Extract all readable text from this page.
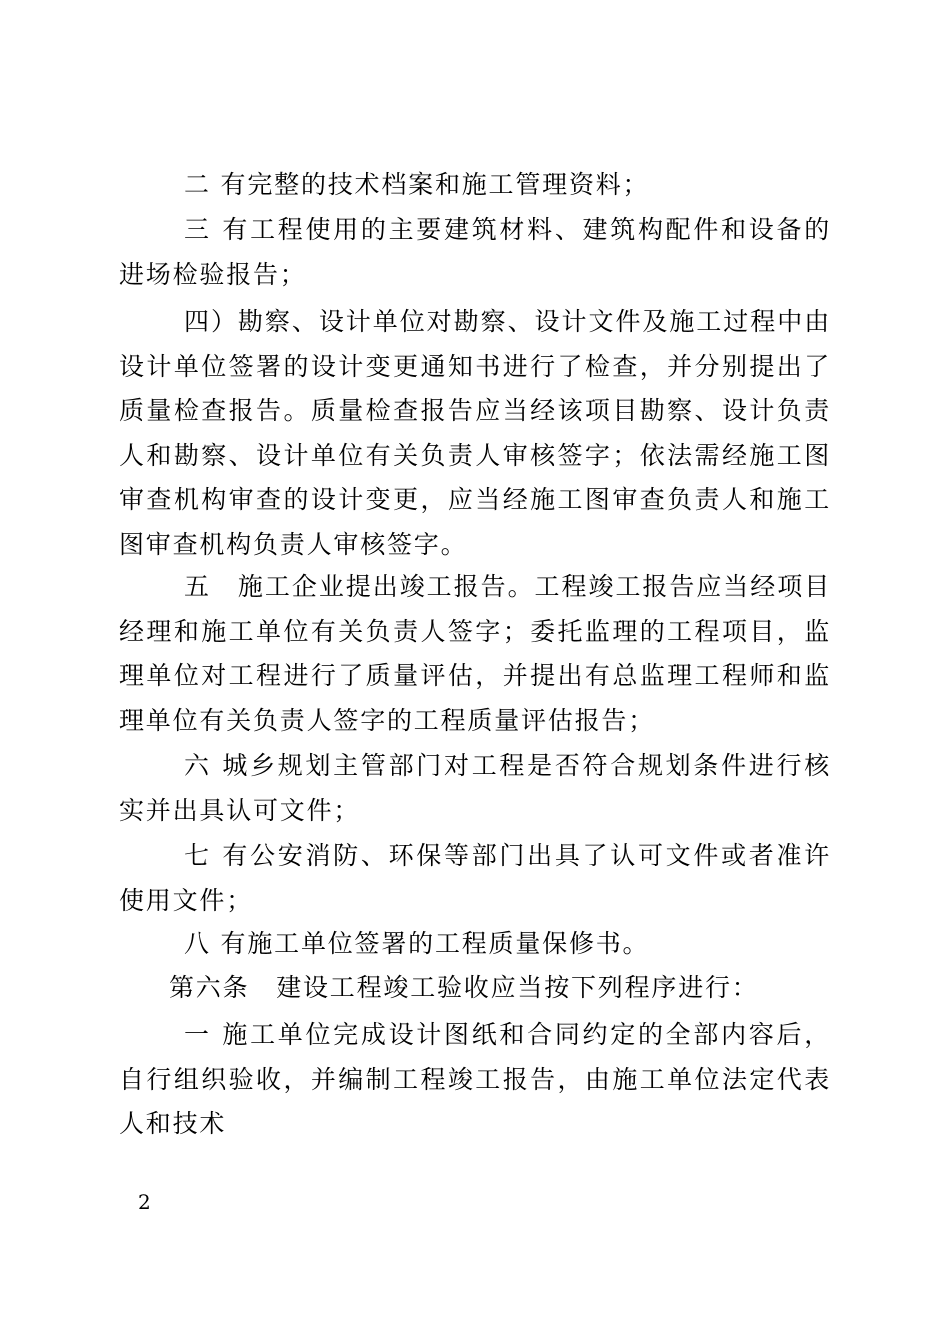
二 有完整的技术档案和施工管理资料；

三 有工程使用的主要建筑材料、建筑构配件和设备的进场检验报告；

四）勘察、设计单位对勘察、设计文件及施工过程中由设计单位签署的设计变更通知书进行了检查，并分别提出了质量检查报告。质量检查报告应当经该项目勘察、设计负责人和勘察、设计单位有关负责人审核签字；依法需经施工图审查机构审查的设计变更，应当经施工图审查负责人和施工图审查机构负责人审核签字。

五　施工企业提出竣工报告。工程竣工报告应当经项目经理和施工单位有关负责人签字；委托监理的工程项目，监理单位对工程进行了质量评估，并提出有总监理工程师和监理单位有关负责人签字的工程质量评估报告；

六 城乡规划主管部门对工程是否符合规划条件进行核实并出具认可文件；

七 有公安消防、环保等部门出具了认可文件或者准许使用文件；

八 有施工单位签署的工程质量保修书。

第六条　建设工程竣工验收应当按下列程序进行：

一 施工单位完成设计图纸和合同约定的全部内容后，自行组织验收，并编制工程竣工报告，由施工单位法定代表人和技术

2
